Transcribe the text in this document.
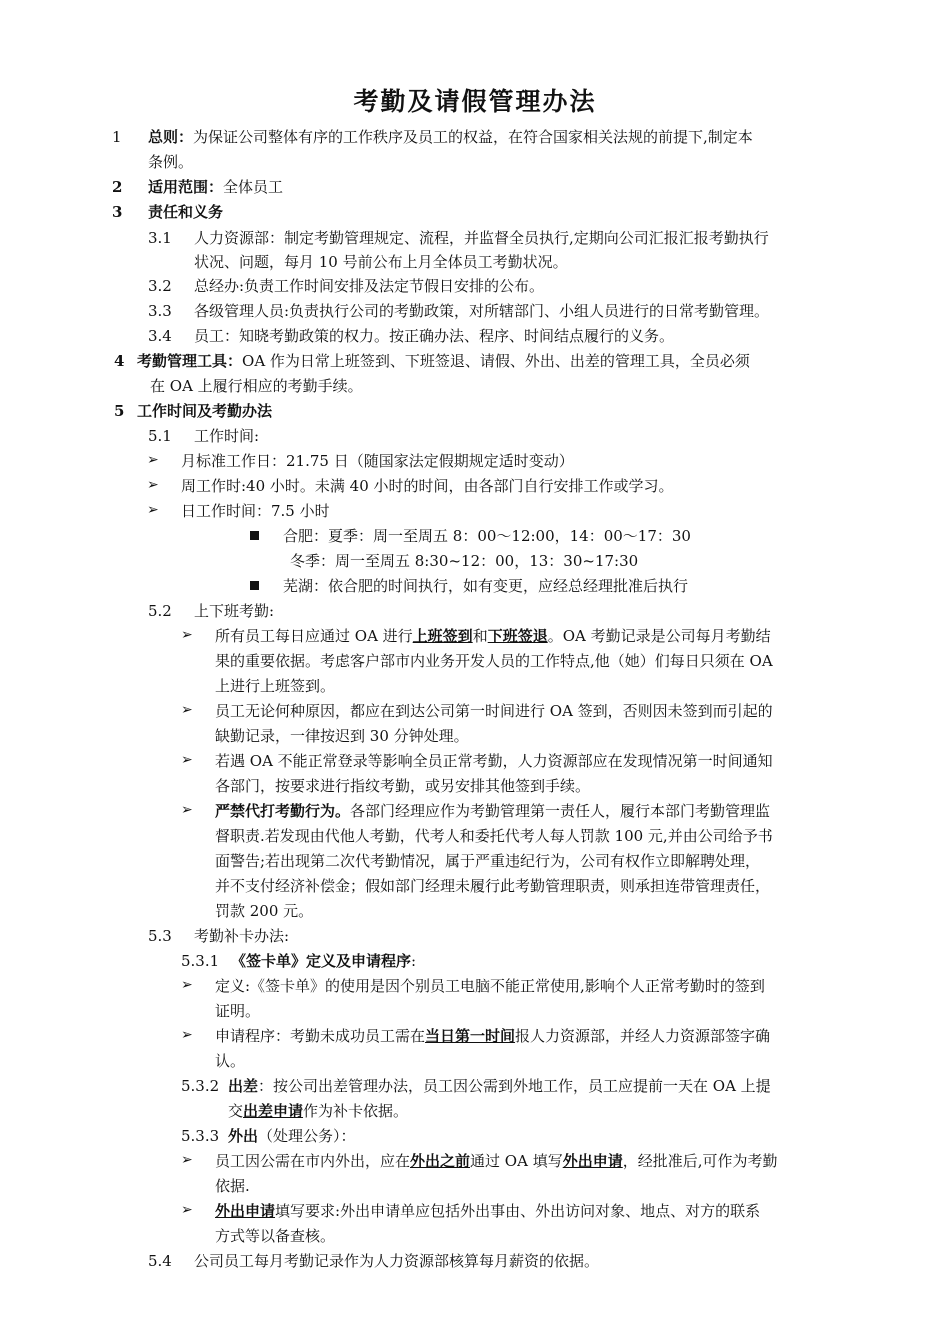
考勤及请假管理办法
1 总则：为保证公司整体有序的工作秩序及员工的权益，在符合国家相关法规的前提下,制定本
条例。
2 适用范围：全体员工
3 责任和义务
3.1 人力资源部：制定考勤管理规定、流程，并监督全员执行,定期向公司汇报汇报考勤执行
状况、问题，每月 10 号前公布上月全体员工考勤状况。
3.2 总经办:负责工作时间安排及法定节假日安排的公布。
3.3 各级管理人员:负责执行公司的考勤政策，对所辖部门、小组人员进行的日常考勤管理。
3.4 员工：知晓考勤政策的权力。按正确办法、程序、时间结点履行的义务。
4 考勤管理工具：OA 作为日常上班签到、下班签退、请假、外出、出差的管理工具，全员必须
在 OA 上履行相应的考勤手续。
5 工作时间及考勤办法
5.1 工作时间:
➢ 月标准工作日：21.75 日（随国家法定假期规定适时变动）
➢ 周工作时:40 小时。未满 40 小时的时间，由各部门自行安排工作或学习。
➢ 日工作时间：7.5 小时
合肥：夏季：周一至周五 8：00～12:00，14：00～17：30
冬季：周一至周五 8:30~12：00，13：30~17:30
芜湖：依合肥的时间执行，如有变更，应经总经理批准后执行
5.2 上下班考勤:
➢ 所有员工每日应通过 OA 进行上班签到和下班签退。OA 考勤记录是公司每月考勤结
果的重要依据。考虑客户部市内业务开发人员的工作特点,他（她）们每日只须在 OA
上进行上班签到。
➢ 员工无论何种原因，都应在到达公司第一时间进行 OA 签到，否则因未签到而引起的
缺勤记录，一律按迟到 30 分钟处理。
➢ 若遇 OA 不能正常登录等影响全员正常考勤，人力资源部应在发现情况第一时间通知
各部门，按要求进行指纹考勤，或另安排其他签到手续。
➢ 严禁代打考勤行为。各部门经理应作为考勤管理第一责任人，履行本部门考勤管理监
督职责.若发现由代他人考勤，代考人和委托代考人每人罚款 100 元,并由公司给予书
面警告;若出现第二次代考勤情况，属于严重违纪行为，公司有权作立即解聘处理，
并不支付经济补偿金；假如部门经理未履行此考勤管理职责，则承担连带管理责任，
罚款 200 元。
5.3 考勤补卡办法:
5.3.1 《签卡单》定义及申请程序:
➢ 定义:《签卡单》的使用是因个别员工电脑不能正常使用,影响个人正常考勤时的签到
证明。
➢ 申请程序：考勤未成功员工需在当日第一时间报人力资源部，并经人力资源部签字确
认。
5.3.2 出差：按公司出差管理办法，员工因公需到外地工作，员工应提前一天在 OA 上提
交出差申请作为补卡依据。
5.3.3 外出（处理公务）：
➢ 员工因公需在市内外出，应在外出之前通过 OA 填写外出申请，经批准后,可作为考勤
依据.
➢ 外出申请填写要求:外出申请单应包括外出事由、外出访问对象、地点、对方的联系
方式等以备查核。
5.4 公司员工每月考勤记录作为人力资源部核算每月薪资的依据。
